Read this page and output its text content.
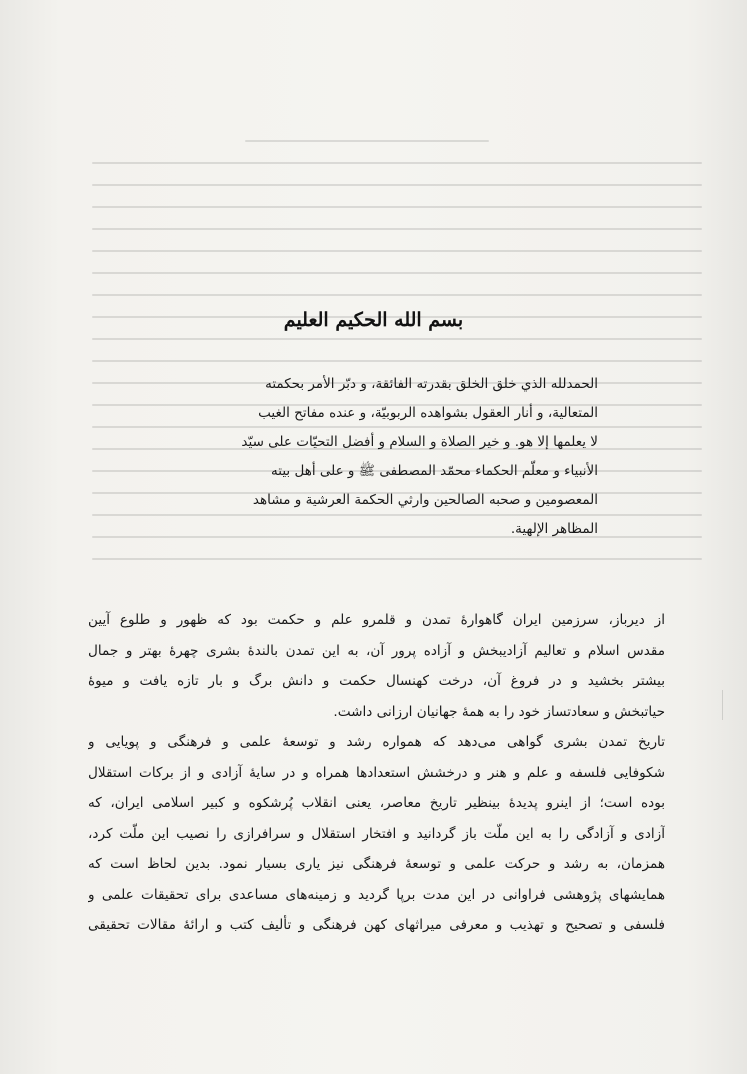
بسم الله الحكيم العليم
الحمدلله الذي خلق الخلق بقدرته الفائقة، و دبّر الأمر بحكمته
المتعالية، و أنار العقول بشواهده الربوبيّة، و عنده مفاتح الغيب
لا يعلمها إلا هو. و خير الصلاة و السلام و أفضل التحيّات على سيّد
الأنبياء و معلّم الحكماء محمّد المصطفى ﷺ و على أهل بيته
المعصومين و صحبه الصالحين وارثي الحكمة العرشية و مشاهد
المظاهر الإلهية.
از دیرباز، سرزمین ایران گاهوارهٔ تمدن و قلمرو علم و حکمت بود که ظهور و طلوع آیین
مقدس اسلام و تعالیم آزادیبخش و آزاده پرور آن، به این تمدن بالندهٔ بشری چهرهٔ بهتر و جمال
بیشتر بخشید و در فروغ آن، درخت کهنسال حکمت و دانش برگ و بار تازه یافت و میوهٔ
حیاتبخش و سعادتساز خود را به همهٔ جهانیان ارزانی داشت.
تاریخ تمدن بشری گواهی می‌دهد که همواره رشد و توسعهٔ علمی و فرهنگی و پویایی و
شکوفایی فلسفه و علم و هنر و درخشش استعدادها همراه و در سایهٔ آزادی و از برکات استقلال
بوده است؛ از اینرو پدیدهٔ بینظیر تاریخ معاصر، یعنی انقلاب پُرشکوه و کبیر اسلامی ایران، که
آزادی و آزادگی را به این ملّت باز گردانید و افتخار استقلال و سرافرازی را نصیب این ملّت کرد،
همزمان، به رشد و حرکت علمی و توسعهٔ فرهنگی نیز یاری بسیار نمود. بدین لحاظ است که
همایشهای پژوهشی فراوانی در این مدت برپا گردید و زمینه‌های مساعدی برای تحقیقات علمی و
فلسفی و تصحیح و تهذیب و معرفی میراثهای کهن فرهنگی و تألیف کتب و ارائهٔ مقالات تحقیقی
